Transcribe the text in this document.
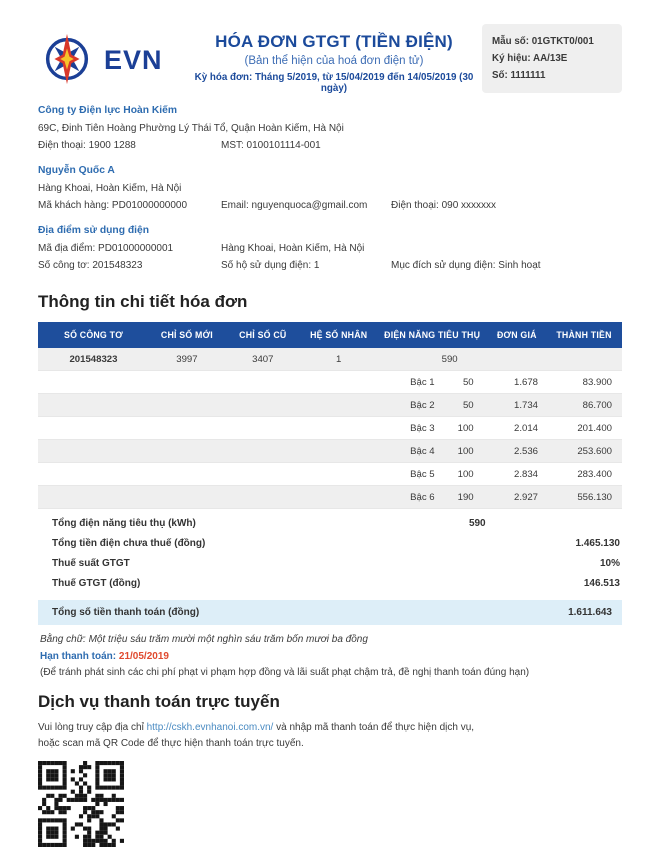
EVN
HÓA ĐƠN GTGT (TIỀN ĐIỆN)
(Bản thể hiện của hoá đơn điện tử)
Kỳ hóa đơn: Tháng 5/2019, từ 15/04/2019 đến 14/05/2019 (30 ngày)
Mẫu số: 01GTKT0/001
Ký hiệu: AA/13E
Số: 1111111
Công ty Điện lực Hoàn Kiếm
69C, Đinh Tiên Hoàng Phường Lý Thái Tổ, Quận Hoàn Kiếm, Hà Nội
Điện thoại: 1900 1288	MST: 0100101114-001
Nguyễn Quốc A
Hàng Khoai, Hoàn Kiếm, Hà Nội
Mã khách hàng: PD01000000000	Email: nguyenquoca@gmail.com	Điện thoại: 090 xxxxxxx
Địa điểm sử dụng điện
Mã địa điểm: PD01000000001	Hàng Khoai, Hoàn Kiếm, Hà Nội
Số công tơ: 201548323	Số hộ sử dụng điện: 1	Mục đích sử dụng điện: Sinh hoạt
Thông tin chi tiết hóa đơn
SỐ CÔNG TƠ	CHỈ SỐ MỚI	CHỈ SỐ CŨ	HỆ SỐ NHÂN	ĐIỆN NĂNG TIÊU THỤ	ĐƠN GIÁ	THÀNH TIỀN
201548323	3997	3407	1	590		

				Bậc 1 50	1.678	83.900

				Bậc 2 50	1.734	86.700

				Bậc 3 100	2.014	201.400

				Bậc 4 100	2.536	253.600

				Bậc 5 100	2.834	283.400

				Bậc 6 190	2.927	556.130
Tổng điện năng tiêu thụ (kWh)	590		
Tổng tiền điện chưa thuế (đồng)			1.465.130
Thuế suất GTGT			10%
Thuế GTGT (đồng)			146.513
Tổng số tiền thanh toán (đồng)	1.611.643
Bằng chữ: Một triệu sáu trăm mười một nghìn sáu trăm bốn mươi ba đồng
Hạn thanh toán: 21/05/2019
(Để tránh phát sinh các chi phí phạt vi phạm hợp đồng và lãi suất phạt chậm trả, đề nghị thanh toán đúng hạn)
Dịch vụ thanh toán trực tuyến
Vui lòng truy cập địa chỉ http://cskh.evnhanoi.com.vn/ và nhập mã thanh toán để thực hiện dịch vụ,
hoặc scan mã QR Code để thực hiện thanh toán trực tuyến.
